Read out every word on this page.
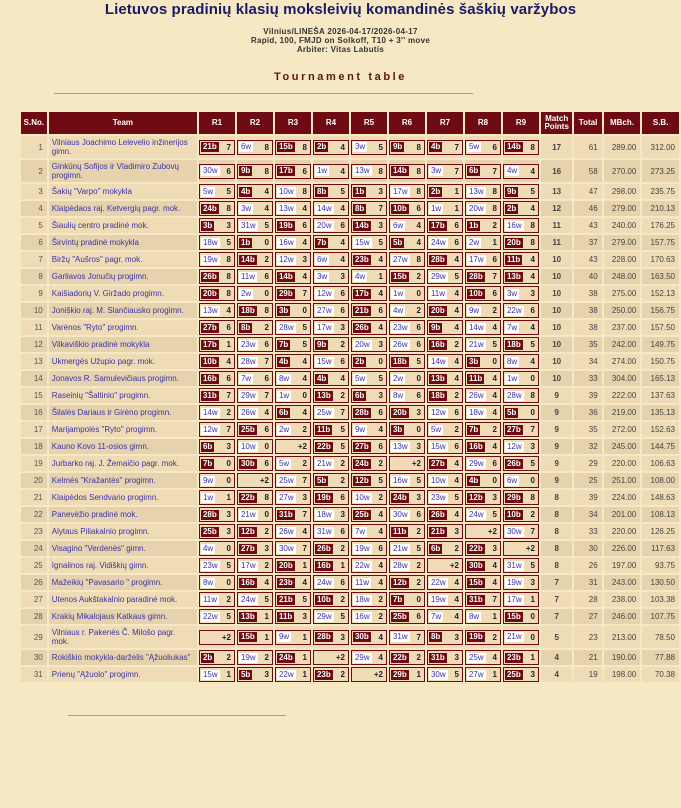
Lietuvos pradinių klasių moksleivių komandinės šaškių varžybos
Vilnius/LINEŠA 2026-04-17/2026-04-17
Rapid, 100, FMJD on Solkoff, T10 + 3'' move
Arbiter: Vitas Labutis
Tournament table
S.No.	Team	R1	R2	R3	R4	R5	R6	R7	R8	R9	Match Points	Total	MBch.	S.B.
1	Vilniaus Joachimo Lelevelio inžinerijos gimn.	21b 7	6w 8	15b 8	2b 4	3w 5	9b 8	4b 7	5w 6	14b 8	17	61	289.00	312.00
2	Ginkūnų Sofijos ir Vladimiro Zubovų progimn.	30w 6	9b 8	17b 6	1w 4	13w 8	14b 8	3w 7	6b 7	4w 4	16	58	270.00	273.25
3	Šakių "Varpo" mokykla	5w 5	4b 4	10w 8	8b 5	1b 3	17w 8	2b 1	13w 8	9b 5	13	47	298.00	235.75
4	Klaipėdaos raj. Ketvergių pagr. mok.	24b 8	3w 4	13w 4	14w 4	8b 7	10b 6	1w 1	20w 8	2b 4	12	46	279.00	210.13
5	Šiaulių centro pradinė mok.	3b 3	31w 5	19b 6	20w 6	14b 3	6w 4	17b 6	1b 2	16w 8	11	43	240.00	176.25
6	Širvintų pradinė mokykla	18w 5	1b 0	16w 4	7b 4	15w 5	5b 4	24w 6	2w 1	20b 8	11	37	279.00	157.75
7	Biržų "Aušros" pagr. mok.	19w 8	14b 2	12w 3	6w 4	23b 4	27w 8	28b 4	17w 6	11b 4	10	43	228.00	170.63
8	Garliavos Jonučių progimn.	26b 8	11w 6	14b 4	3w 3	4w 1	15b 2	29w 5	28b 7	13b 4	10	40	248.00	163.50
9	Kaišiadorių V. Giržado progimn.	20b 8	2w 0	29b 7	12w 6	17b 4	1w 0	11w 4	10b 6	3w 3	10	38	275.00	152.13
10	Joniškio raj. M. Slančiausko progimn.	13w 4	18b 8	3b 0	27w 6	21b 6	4w 2	20b 4	9w 2	22w 6	10	38	250.00	156.75
11	Varėnos "Ryto" progimn.	27b 6	8b 2	28w 5	17w 3	26b 4	23w 6	9b 4	14w 4	7w 4	10	38	237.00	157.50
12	Vilkaviškio pradinė mokykla	17b 1	23w 6	7b 5	9b 2	20w 3	26w 6	16b 2	21w 5	18b 5	10	35	242.00	149.75
13	Ukmergės Užupio pagr. mok.	10b 4	28w 7	4b 4	15w 6	2b 0	18b 5	14w 4	3b 0	8w 4	10	34	274.00	150.75
14	Jonavos R. Samulevičiaus progimn.	16b 6	7w 6	8w 4	4b 4	5w 5	2w 0	13b 4	11b 4	1w 0	10	33	304.00	165.13
15	Raseinių "Šaltinio" progimn.	31b 7	29w 7	1w 0	13b 2	6b 3	8w 6	18b 2	26w 4	28w 8	9	39	222.00	137.63
16	Šilalės Dariaus ir Girėno progimn.	14w 2	26w 4	6b 4	25w 7	28b 6	20b 3	12w 6	18w 4	5b 0	9	36	219.00	135.13
17	Marijampolės "Ryto" progimn.	12w 7	25b 6	2w 2	11b 5	9w 4	3b 0	5w 2	7b 2	27b 7	9	35	272.00	152.63
18	Kauno Kovo 11-osios gimn.	6b 3	10w 0	+2	22b 5	27b 6	13w 3	15w 6	16b 4	12w 3	9	32	245.00	144.75
19	Jurbarko raj. J. Žemaičio pagr. mok.	7b 0	30b 6	5w 2	21w 2	24b 2	+2	27b 4	29w 6	26b 5	9	29	220.00	106.63
20	Kelmės "Kražantės" progimn.	9w 0	+2	25w 7	5b 2	12b 5	16w 5	10w 4	4b 0	6w 0	9	25	251.00	108.00
21	Klaipėdos Sendvario progimn.	1w 1	22b 8	27w 3	19b 6	10w 2	24b 3	23w 5	12b 3	29b 8	8	39	224.00	148.63
22	Panevėžio pradinė mok.	28b 3	21w 0	31b 7	18w 3	25b 4	30w 6	26b 4	24w 5	10b 2	8	34	201.00	108.13
23	Alytaus Piliakalnio progimn.	25b 3	12b 2	26w 4	31w 6	7w 4	11b 2	21b 3	+2	30w 7	8	33	220.00	126.25
24	Visagino "Verdenės" gimn.	4w 0	27b 3	30w 7	26b 2	19w 6	21w 5	6b 2	22b 3	+2	8	30	226.00	117.63
25	Ignalinos raj. Vidiškių gimn.	23w 5	17w 2	20b 1	16b 1	22w 4	28w 2	+2	30b 4	31w 5	8	26	197.00	93.75
26	Mažeikių "Pavasario " progimn.	8w 0	16b 4	23b 4	24w 6	11w 4	12b 2	22w 4	15b 4	19w 3	7	31	243.00	130.50
27	Utenos Aukštakalnio paradinė mok.	11w 2	24w 5	21b 5	10b 2	18w 2	7b 0	19w 4	31b 7	17w 1	7	28	238.00	103.38
28	Krakių Mikalojaus Katkaus gimn.	22w 5	13b 1	11b 3	29w 5	16w 2	25b 6	7w 4	8w 1	15b 0	7	27	246.00	107.75
29	Vilniaus r. Pakenės Č. Milošo pagr. mok.	+2	15b 1	9w 1	28b 3	30b 4	31w 7	8b 3	19b 2	21w 0	5	23	213.00	78.50
30	Rokiškio mokykla-darželis "Ąžuoliukas"	2b 2	19w 2	24b 1	+2	29w 4	22b 2	31b 3	25w 4	23b 1	4	21	190.00	77.88
31	Prienų "Ąžuolo" progimn.	15w 1	5b 3	22w 1	23b 2	+2	29b 1	30w 5	27w 1	25b 3	4	19	198.00	70.38
